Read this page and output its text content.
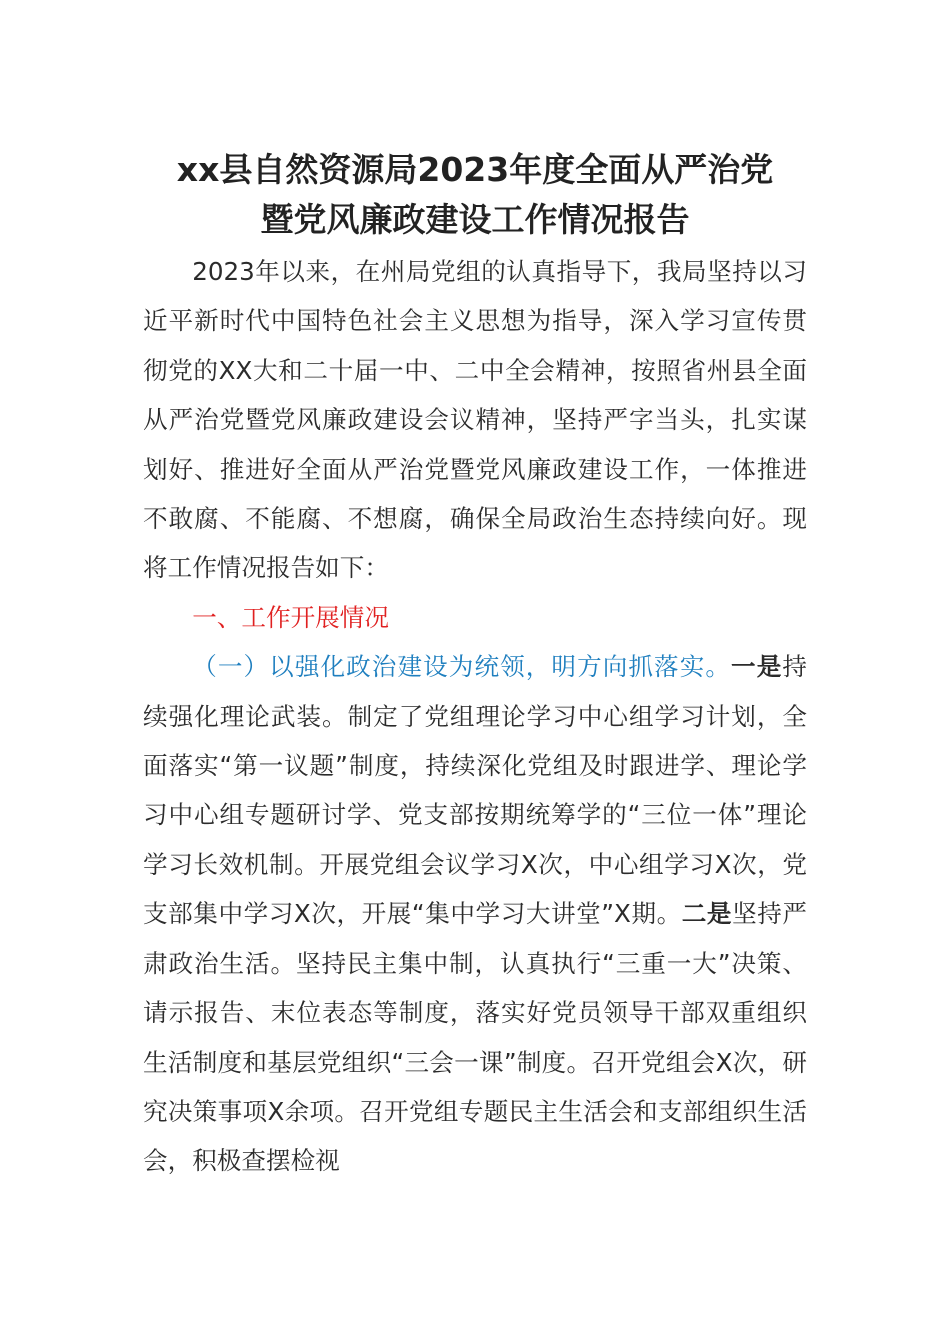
xx县自然资源局2023年度全面从严治党
暨党风廉政建设工作情况报告

2023年以来，在州局党组的认真指导下，我局坚持以习近平新时代中国特色社会主义思想为指导，深入学习宣传贯彻党的XX大和二十届一中、二中全会精神，按照省州县全面从严治党暨党风廉政建设会议精神，坚持严字当头，扎实谋划好、推进好全面从严治党暨党风廉政建设工作，一体推进不敢腐、不能腐、不想腐，确保全局政治生态持续向好。现将工作情况报告如下：

一、工作开展情况

（一）以强化政治建设为统领，明方向抓落实。一是持续强化理论武装。制定了党组理论学习中心组学习计划，全面落实“第一议题”制度，持续深化党组及时跟进学、理论学习中心组专题研讨学、党支部按期统筹学的“三位一体”理论学习长效机制。开展党组会议学习X次，中心组学习X次，党支部集中学习X次，开展“集中学习大讲堂”X期。二是坚持严肃政治生活。坚持民主集中制，认真执行“三重一大”决策、请示报告、末位表态等制度，落实好党员领导干部双重组织生活制度和基层党组织“三会一课”制度。召开党组会X次，研究决策事项X余项。召开党组专题民主生活会和支部组织生活会，积极查摆检视
